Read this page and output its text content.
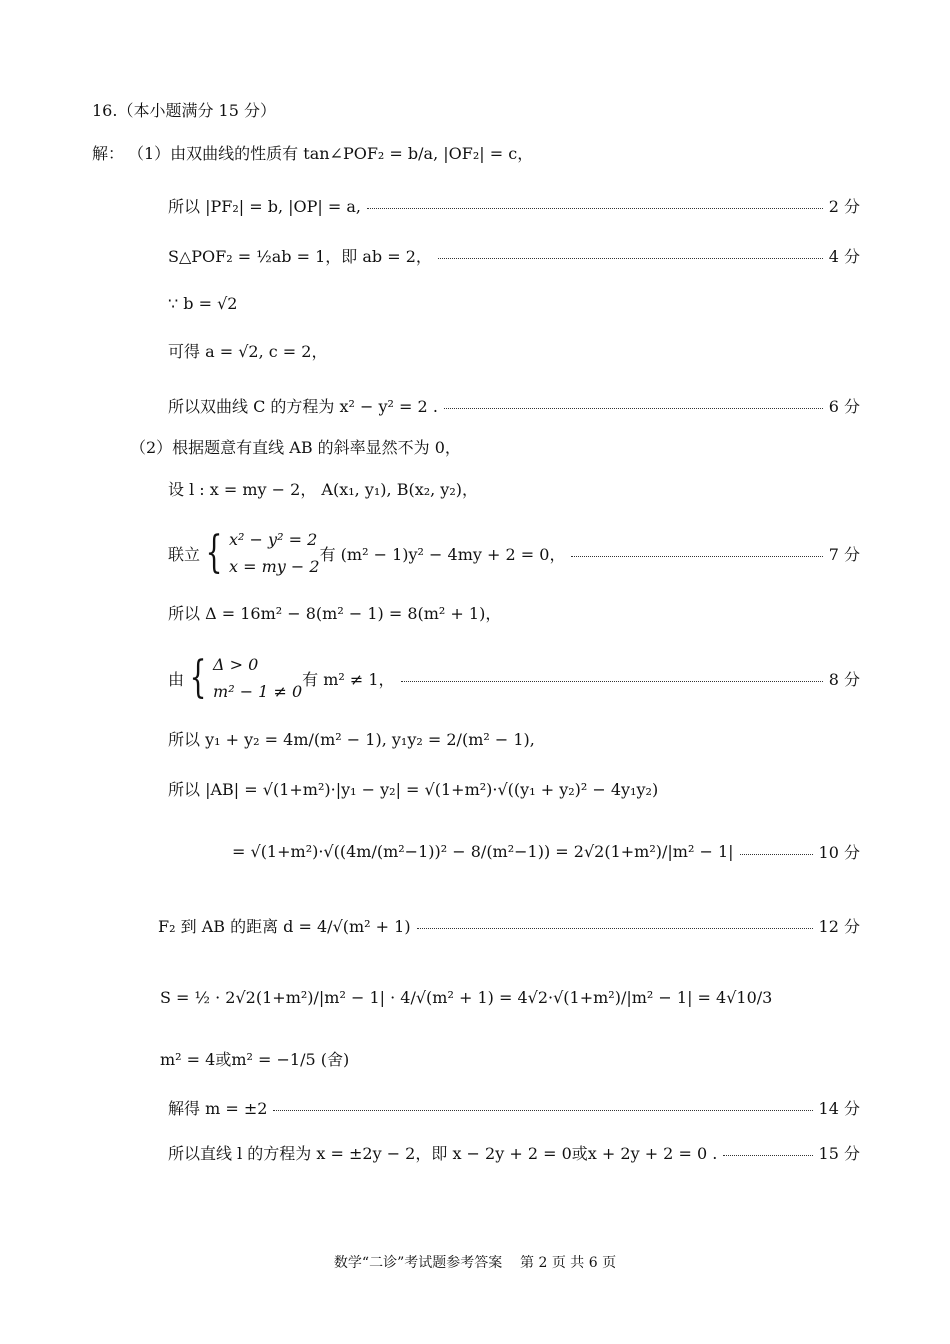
16.（本小题满分 15 分）
解： （1）由双曲线的性质有 tan∠POF₂ = b/a, |OF₂| = c，
所以 |PF₂| = b, |OP| = a,	2 分
S△POF₂ = ½ab = 1，即 ab = 2，	4 分
∵ b = √2
可得 a = √2, c = 2，
所以双曲线 C 的方程为 x² − y² = 2 .	6 分
（2）根据题意有直线 AB 的斜率显然不为 0，
设 l : x = my − 2， A(x₁, y₁), B(x₂, y₂)，
联立 { x² − y² = 2
x = my − 2
有 (m² − 1)y² − 4my + 2 = 0，	7 分
所以 Δ = 16m² − 8(m² − 1) = 8(m² + 1)，
由 { Δ > 0
m² − 1 ≠ 0
有 m² ≠ 1，	8 分
所以 y₁ + y₂ = 4m/(m² − 1), y₁y₂ = 2/(m² − 1),
所以 |AB| = √(1+m²)·|y₁ − y₂| = √(1+m²)·√((y₁ + y₂)² − 4y₁y₂)
= √(1+m²)·√((4m/(m²−1))² − 8/(m²−1)) = 2√2(1+m²)/|m² − 1|	10 分
F₂ 到 AB 的距离 d = 4/√(m² + 1)	12 分
S = ½ · 2√2(1+m²)/|m² − 1| · 4/√(m² + 1) = 4√2·√(1+m²)/|m² − 1| = 4√10/3
m² = 4或m² = −1/5 (舍)
解得 m = ±2	14 分
所以直线 l 的方程为 x = ±2y − 2，即 x − 2y + 2 = 0或x + 2y + 2 = 0 .	15 分
数学“二诊”考试题参考答案    第 2 页 共 6 页
